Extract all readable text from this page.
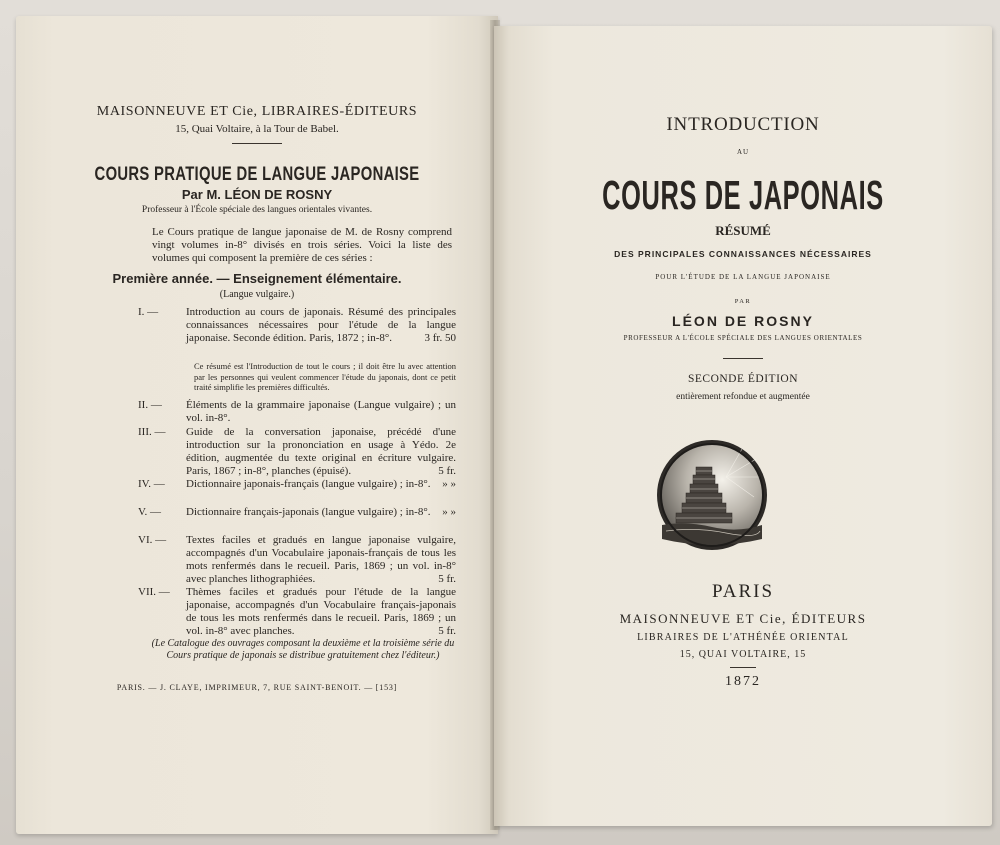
MAISONNEUVE ET Cie, LIBRAIRES-ÉDITEURS
15, Quai Voltaire, à la Tour de Babel.
COURS PRATIQUE DE LANGUE JAPONAISE
Par M. LÉON DE ROSNY
Professeur à l'École spéciale des langues orientales vivantes.
Le Cours pratique de langue japonaise de M. de Rosny comprend vingt volumes in-8° divisés en trois séries. Voici la liste des volumes qui composent la première de ces séries :
Première année. — Enseignement élémentaire.
(Langue vulgaire.)
I. —	Introduction au cours de japonais. Résumé des principales connaissances nécessaires pour l'étude de la langue japonaise. Seconde édition. Paris, 1872 ; in-8°.	3 fr. 50
Ce résumé est l'Introduction de tout le cours ; il doit être lu avec attention par les personnes qui veulent commencer l'étude du japonais, dont ce petit traité simplifie les premières difficultés.
II. —	Éléments de la grammaire japonaise (Langue vulgaire) ; un vol. in-8°.
III. —	Guide de la conversation japonaise, précédé d'une introduction sur la prononciation en usage à Yédo. 2e édition, augmentée du texte original en écriture vulgaire. Paris, 1867 ; in-8°, planches (épuisé).	5 fr.
IV. —	Dictionnaire japonais-français (langue vulgaire) ; in-8°.	» »
V. —	Dictionnaire français-japonais (langue vulgaire) ; in-8°.	» »
VI. —	Textes faciles et gradués en langue japonaise vulgaire, accompagnés d'un Vocabulaire japonais-français de tous les mots renfermés dans le recueil. Paris, 1869 ; un vol. in-8° avec planches lithographiées.	5 fr.
VII. —	Thèmes faciles et gradués pour l'étude de la langue japonaise, accompagnés d'un Vocabulaire français-japonais de tous les mots renfermés dans le recueil. Paris, 1869 ; un vol. in-8° avec planches.	5 fr.
(Le Catalogue des ouvrages composant la deuxième et la troisième série du Cours pratique de japonais se distribue gratuitement chez l'éditeur.)
PARIS. — J. CLAYE, IMPRIMEUR, 7, RUE SAINT-BENOIT. — [153]
INTRODUCTION
AU
COURS DE JAPONAIS
RÉSUMÉ
DES PRINCIPALES CONNAISSANCES NÉCESSAIRES
POUR L'ÉTUDE DE LA LANGUE JAPONAISE
PAR
LÉON DE ROSNY
PROFESSEUR A L'ÉCOLE SPÉCIALE DES LANGUES ORIENTALES
SECONDE ÉDITION
entièrement refondue et augmentée
PARIS
MAISONNEUVE ET Cie, ÉDITEURS
LIBRAIRES DE L'ATHÉNÉE ORIENTAL
15, QUAI VOLTAIRE, 15
1872
